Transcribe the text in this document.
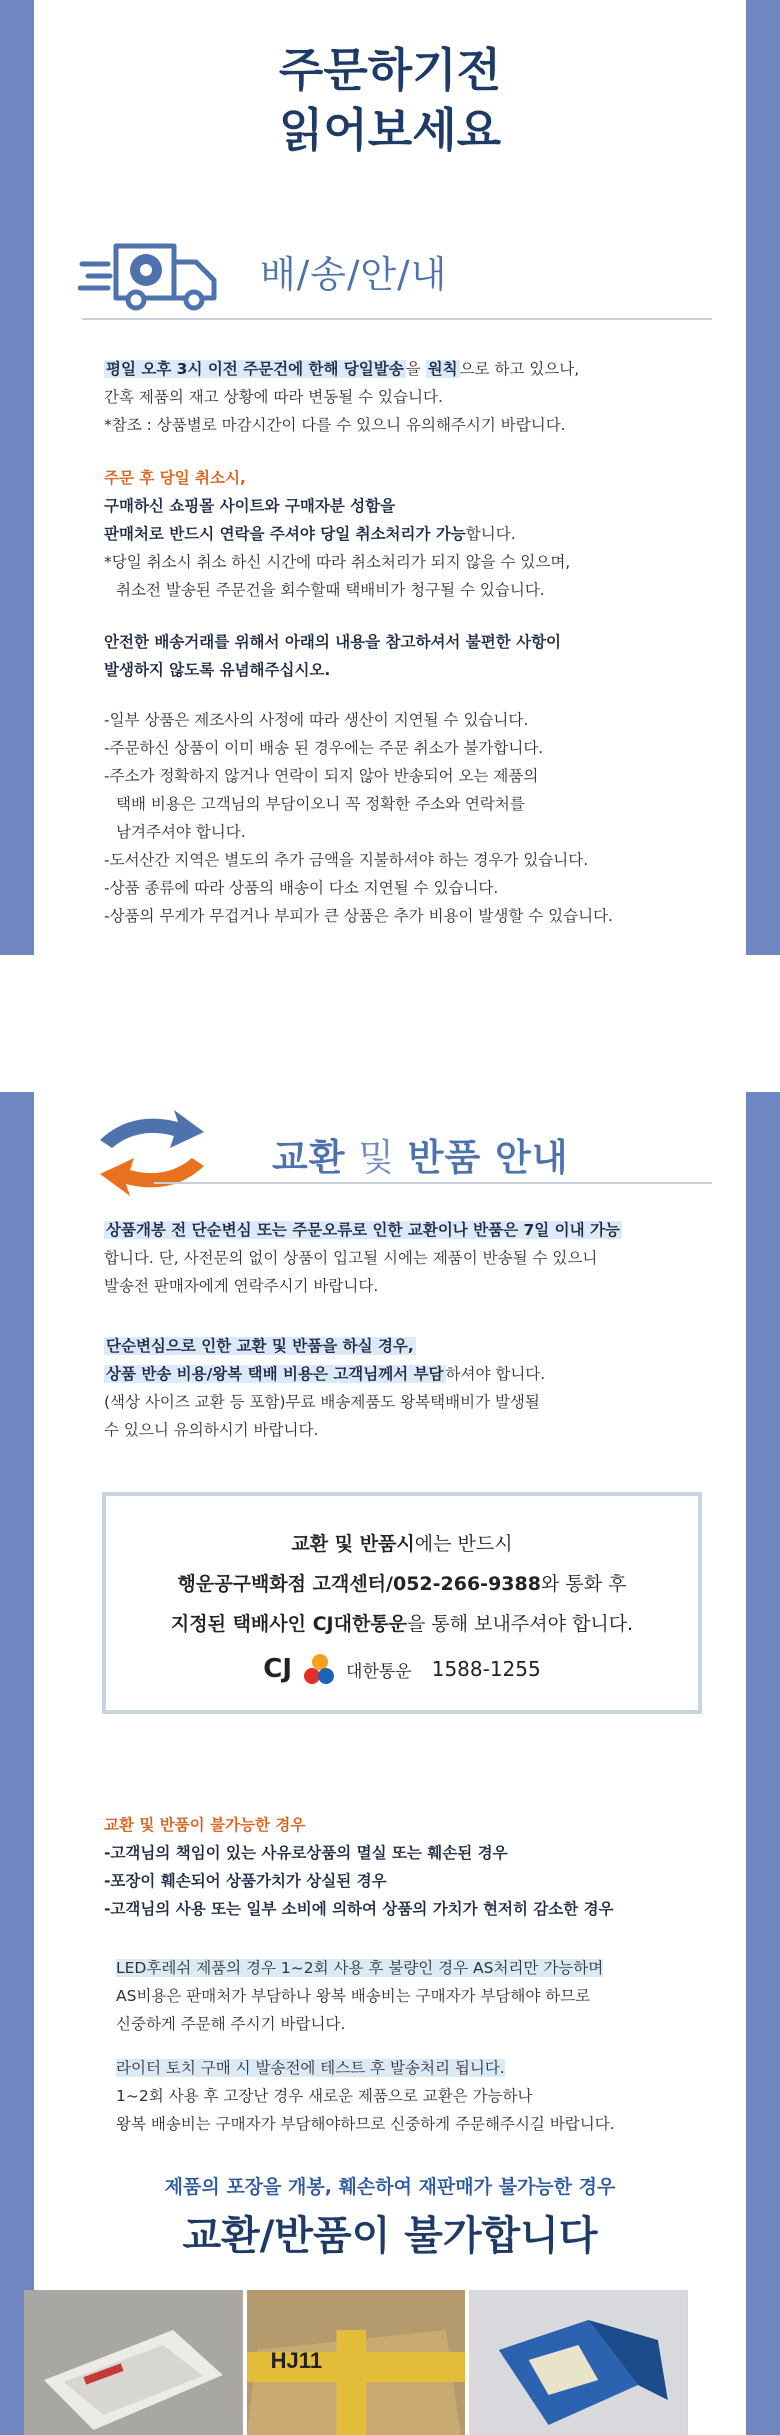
주문하기전
읽어보세요
배/송/안/내

평일 오후 3시 이전 주문건에 한해 당일발송 을 원칙 으로 하고 있으나,

간혹 제품의 재고 상황에 따라 변동될 수 있습니다.

*참조 : 상품별로 마감시간이 다를 수 있으니 유의해주시기 바랍니다.

주문 후 당일 취소시,

구매하신 쇼핑몰 사이트와 구매자분 성함을

판매처로 반드시 연락을 주셔야 당일 취소처리가 가능합니다.

*당일 취소시 취소 하신 시간에 따라 취소처리가 되지 않을 수 있으며,

취소전 발송된 주문건을 회수할때 택배비가 청구될 수 있습니다.

안전한 배송거래를 위해서 아래의 내용을 참고하셔서 불편한 사항이

발생하지 않도록 유념해주십시오.

-일부 상품은 제조사의 사정에 따라 생산이 지연될 수 있습니다.

-주문하신 상품이 이미 배송 된 경우에는 주문 취소가 불가합니다.

-주소가 정확하지 않거나 연락이 되지 않아 반송되어 오는 제품의

택배 비용은 고객님의 부담이오니 꼭 정확한 주소와 연락처를

남겨주셔야 합니다.

-도서산간 지역은 별도의 추가 금액을 지불하셔야 하는 경우가 있습니다.

-상품 종류에 따라 상품의 배송이 다소 지연될 수 있습니다.

-상품의 무게가 무겁거나 부피가 큰 상품은 추가 비용이 발생할 수 있습니다.

교환 및 반품 안내

상품개봉 전 단순변심 또는 주문오류로 인한 교환이나 반품은 7일 이내 가능

합니다. 단, 사전문의 없이 상품이 입고될 시에는 제품이 반송될 수 있으니

발송전 판매자에게 연락주시기 바랍니다.

단순변심으로 인한 교환 및 반품을 하실 경우,

상품 반송 비용/왕복 택배 비용은 고객님께서 부담 하셔야 합니다.

(색상 사이즈 교환 등 포함)무료 배송제품도 왕복택배비가 발생될

수 있으니 유의하시기 바랍니다.

교환 및 반품시에는 반드시

행운공구백화점 고객센터/052-266-9388와 통화 후

지정된 택배사인 CJ대한통운을 통해 보내주셔야 합니다.

CJ	대한통운 1588-1255

교환 및 반품이 불가능한 경우

-고객님의 책임이 있는 사유로상품의 멸실 또는 훼손된 경우

-포장이 훼손되어 상품가치가 상실된 경우

-고객님의 사용 또는 일부 소비에 의하여 상품의 가치가 현저히 감소한 경우

LED후레쉬 제품의 경우 1~2회 사용 후 불량인 경우 AS처리만 가능하며

AS비용은 판매처가 부담하나 왕복 배송비는 구매자가 부담해야 하므로

신중하게 주문해 주시기 바랍니다.

라이터 토치 구매 시 발송전에 테스트 후 발송처리 됩니다.

1~2회 사용 후 고장난 경우 새로운 제품으로 교환은 가능하나

왕복 배송비는 구매자가 부담해야하므로 신중하게 주문해주시길 바랍니다.

제품의 포장을 개봉, 훼손하여 재판매가 불가능한 경우
교환/반품이 불가합니다
HJ11
